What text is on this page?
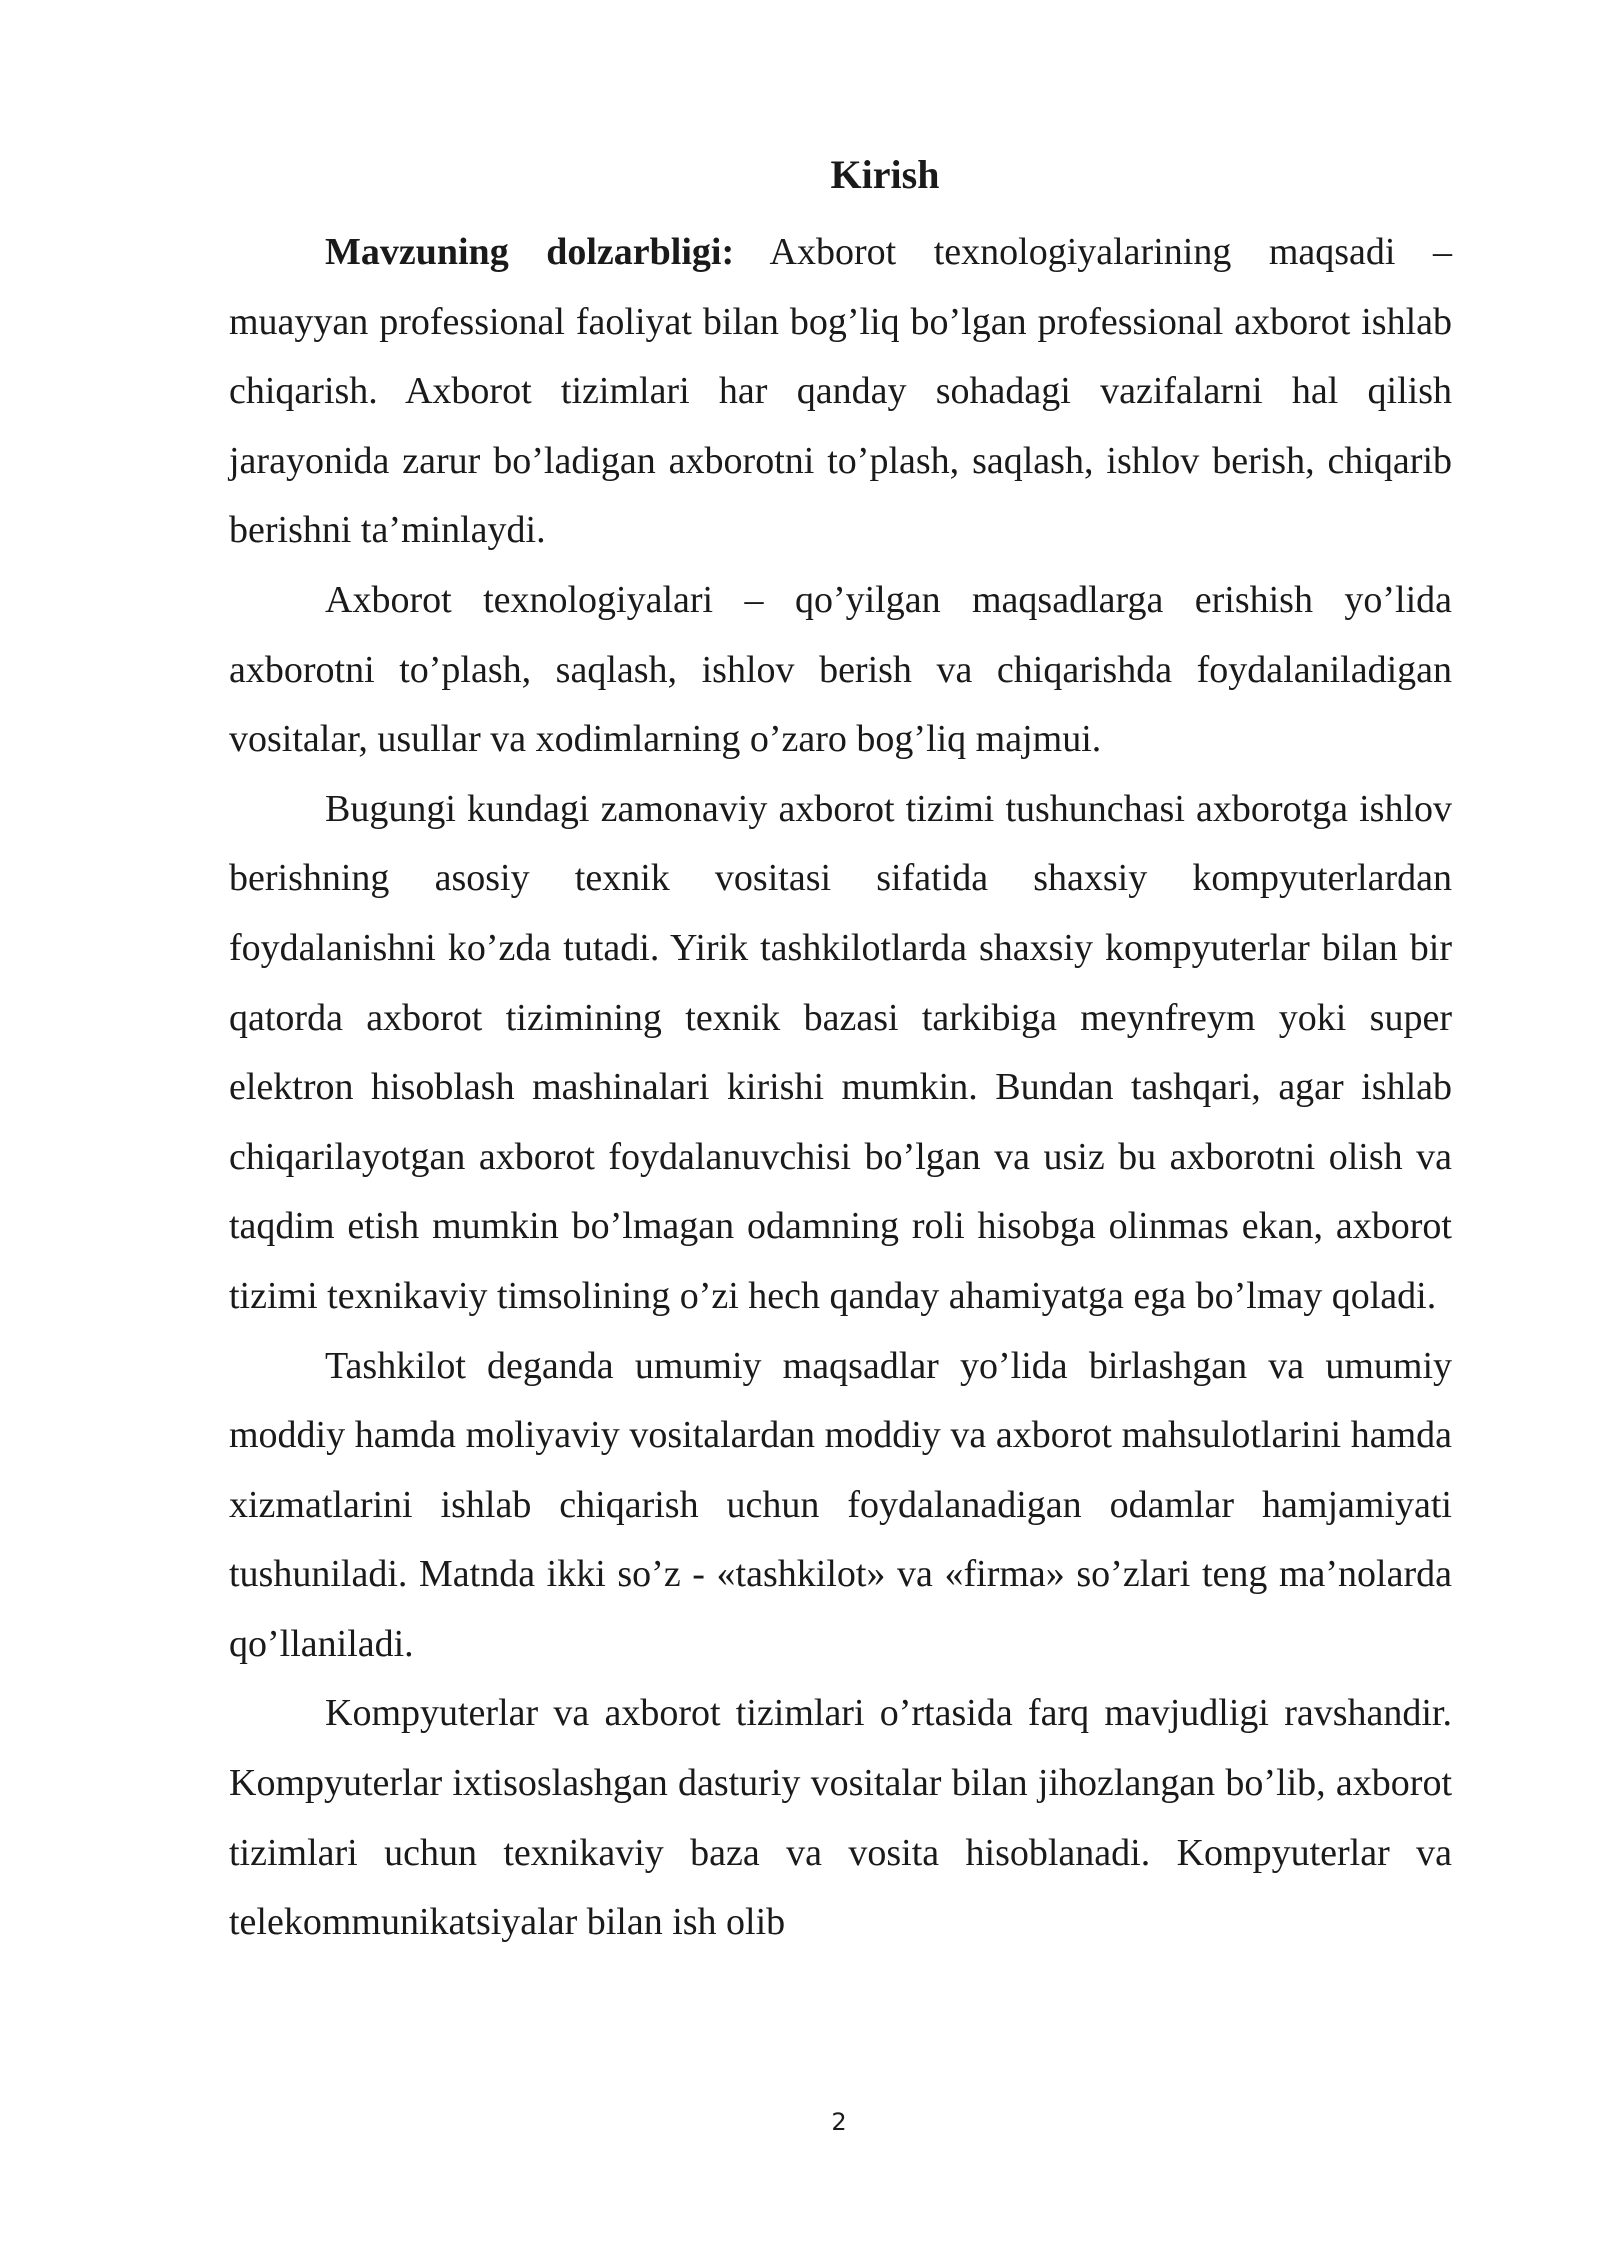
Kirish

Mavzuning dolzarbligi: Axborot texnologiyalarining maqsadi – muayyan professional faoliyat bilan bog’liq bo’lgan professional axborot ishlab chiqarish. Axborot tizimlari har qanday sohadagi vazifalarni hal qilish jarayonida zarur bo’ladigan axborotni to’plash, saqlash, ishlov berish, chiqarib berishni ta’minlaydi.

Axborot texnologiyalari – qo’yilgan maqsadlarga erishish yo’lida axborotni to’plash, saqlash, ishlov berish va chiqarishda foydalaniladigan vositalar, usullar va xodimlarning o’zaro bog’liq majmui.

Bugungi kundagi zamonaviy axborot tizimi tushunchasi axborotga ishlov berishning asosiy texnik vositasi sifatida shaxsiy kompyuterlardan foydalanishni ko’zda tutadi. Yirik tashkilotlarda shaxsiy kompyuterlar bilan bir qatorda axborot tizimining texnik bazasi tarkibiga meynfreym yoki super elektron hisoblash mashinalari kirishi mumkin. Bundan tashqari, agar ishlab chiqarilayotgan axborot foydalanuvchisi bo’lgan va usiz bu axborotni olish va taqdim etish mumkin bo’lmagan odamning roli hisobga olinmas ekan, axborot tizimi texnikaviy timsolining o’zi hech qanday ahamiyatga ega bo’lmay qoladi.

Tashkilot deganda umumiy maqsadlar yo’lida birlashgan va umumiy moddiy hamda moliyaviy vositalardan moddiy va axborot mahsulotlarini hamda xizmatlarini ishlab chiqarish uchun foydalanadigan odamlar hamjamiyati tushuniladi. Matnda ikki so’z - «tashkilot» va «firma» so’zlari teng ma’nolarda qo’llaniladi.

Kompyuterlar va axborot tizimlari o’rtasida farq mavjudligi ravshandir. Kompyuterlar ixtisoslashgan dasturiy vositalar bilan jihozlangan bo’lib, axborot tizimlari uchun texnikaviy baza va vosita hisoblanadi. Kompyuterlar va telekommunikatsiyalar bilan ish olib

2
